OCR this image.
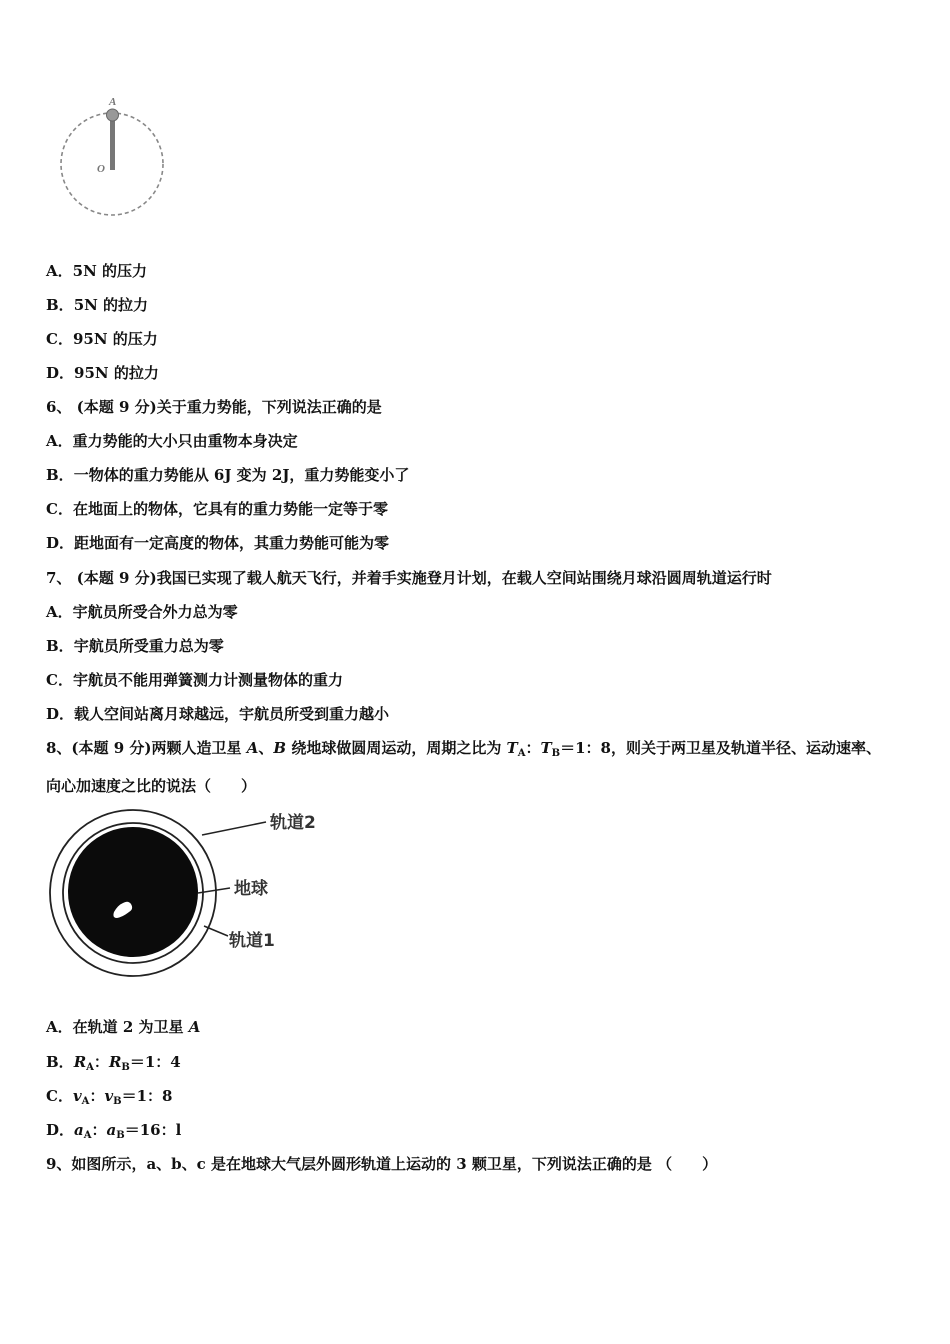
A
O
A．5N 的压力
B．5N 的拉力
C．95N 的压力
D．95N 的拉力
6、 (本题 9 分)关于重力势能，下列说法正确的是
A．重力势能的大小只由重物本身决定
B．一物体的重力势能从 6J 变为 2J，重力势能变小了
C．在地面上的物体，它具有的重力势能一定等于零
D．距地面有一定高度的物体，其重力势能可能为零
7、 (本题 9 分)我国已实现了载人航天飞行，并着手实施登月计划，在载人空间站围绕月球沿圆周轨道运行时
A．宇航员所受合外力总为零
B．宇航员所受重力总为零
C．宇航员不能用弹簧测力计测量物体的重力
D．载人空间站离月球越远，宇航员所受到重力越小
8、(本题 9 分)两颗人造卫星 A、B 绕地球做圆周运动，周期之比为 $T_A$：$T_B=1$：8，则关于两卫星及轨道半径、运动速率、
向心加速度之比的说法（　　）
轨道2
地球
轨道1
A．在轨道 2 为卫星 A
B．$R_A$：$R_B=1$：4
C．$v_A$：$v_B=1$：8
D．$a_A$：$a_B=16$：l
9、如图所示，a、b、c 是在地球大气层外圆形轨道上运动的 3 颗卫星，下列说法正确的是 （　　）
